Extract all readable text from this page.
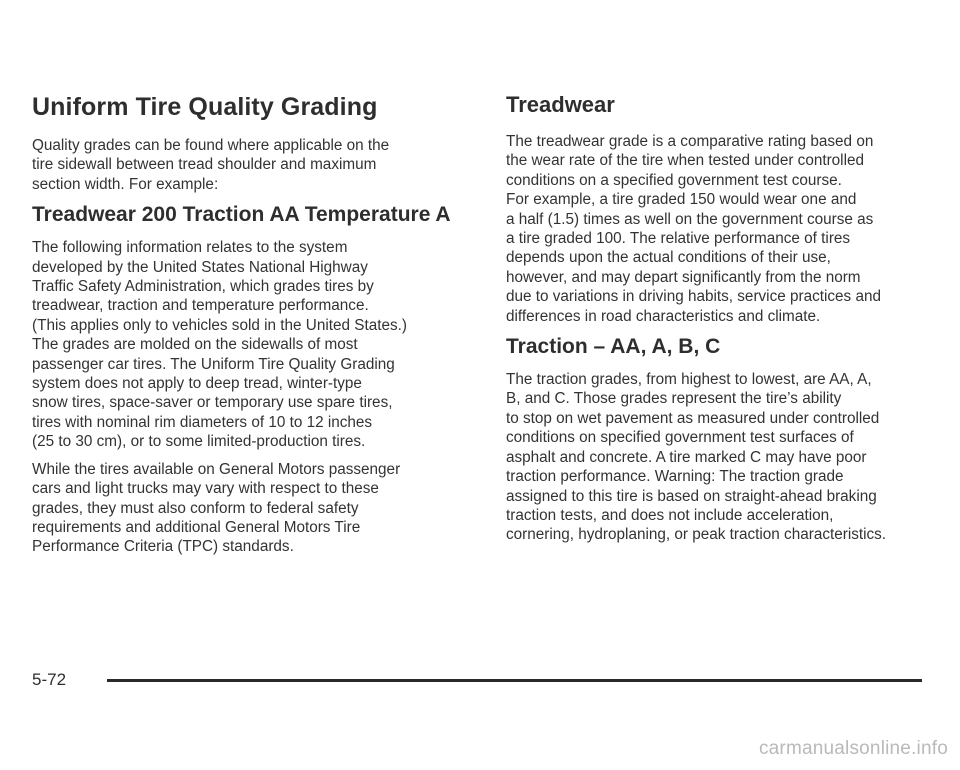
Uniform Tire Quality Grading

Quality grades can be found where applicable on the
tire sidewall between tread shoulder and maximum
section width. For example:

Treadwear 200 Traction AA Temperature A

The following information relates to the system
developed by the United States National Highway
Traffic Safety Administration, which grades tires by
treadwear, traction and temperature performance.
(This applies only to vehicles sold in the United States.)
The grades are molded on the sidewalls of most
passenger car tires. The Uniform Tire Quality Grading
system does not apply to deep tread, winter-type
snow tires, space-saver or temporary use spare tires,
tires with nominal rim diameters of 10 to 12 inches
(25 to 30 cm), or to some limited-production tires.

While the tires available on General Motors passenger
cars and light trucks may vary with respect to these
grades, they must also conform to federal safety
requirements and additional General Motors Tire
Performance Criteria (TPC) standards.

Treadwear

The treadwear grade is a comparative rating based on
the wear rate of the tire when tested under controlled
conditions on a specified government test course.
For example, a tire graded 150 would wear one and
a half (1.5) times as well on the government course as
a tire graded 100. The relative performance of tires
depends upon the actual conditions of their use,
however, and may depart significantly from the norm
due to variations in driving habits, service practices and
differences in road characteristics and climate.

Traction – AA, A, B, C

The traction grades, from highest to lowest, are AA, A,
B, and C. Those grades represent the tire’s ability
to stop on wet pavement as measured under controlled
conditions on specified government test surfaces of
asphalt and concrete. A tire marked C may have poor
traction performance. Warning: The traction grade
assigned to this tire is based on straight-ahead braking
traction tests, and does not include acceleration,
cornering, hydroplaning, or peak traction characteristics.

5-72
carmanualsonline.info
